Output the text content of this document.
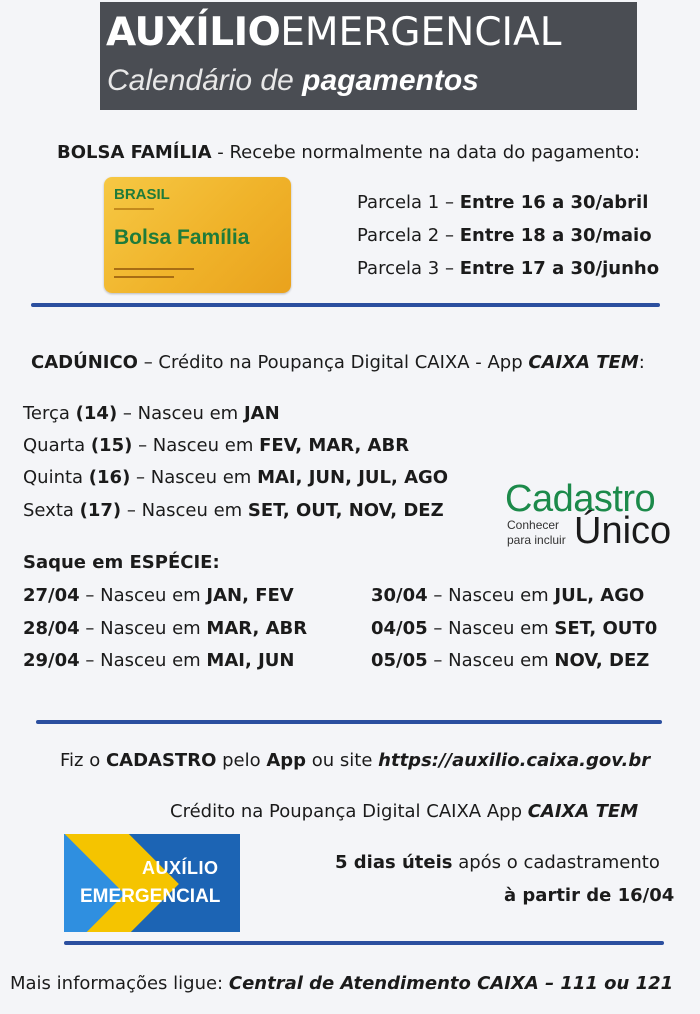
AUXÍLIOEMERGENCIAL
Calendário de pagamentos
BOLSA FAMÍLIA - Recebe normalmente na data do pagamento:
BRASIL
Bolsa Família
Parcela 1 – Entre 16 a 30/abril
Parcela 2 – Entre 18 a 30/maio
Parcela 3 – Entre 17 a 30/junho
CADÚNICO – Crédito na Poupança Digital CAIXA - App CAIXA TEM:
Terça (14) – Nasceu em JAN
Quarta (15) – Nasceu em FEV, MAR, ABR
Quinta (16) – Nasceu em MAI, JUN, JUL, AGO
Sexta (17) – Nasceu em SET, OUT, NOV, DEZ Cadastro
Conhecer
para incluir Único
Saque em ESPÉCIE:
27/04 – Nasceu em JAN, FEV
28/04 – Nasceu em MAR, ABR
29/04 – Nasceu em MAI, JUN
30/04 – Nasceu em JUL, AGO
04/05 – Nasceu em SET, OUT0
05/05 – Nasceu em NOV, DEZ
Fiz o CADASTRO pelo App ou site https://auxilio.caixa.gov.br
Crédito na Poupança Digital CAIXA App CAIXA TEM
5 dias úteis após o cadastramento
à partir de 16/04
AUXÍLIO
EMERGENCIAL
Mais informações ligue: Central de Atendimento CAIXA – 111 ou 121
